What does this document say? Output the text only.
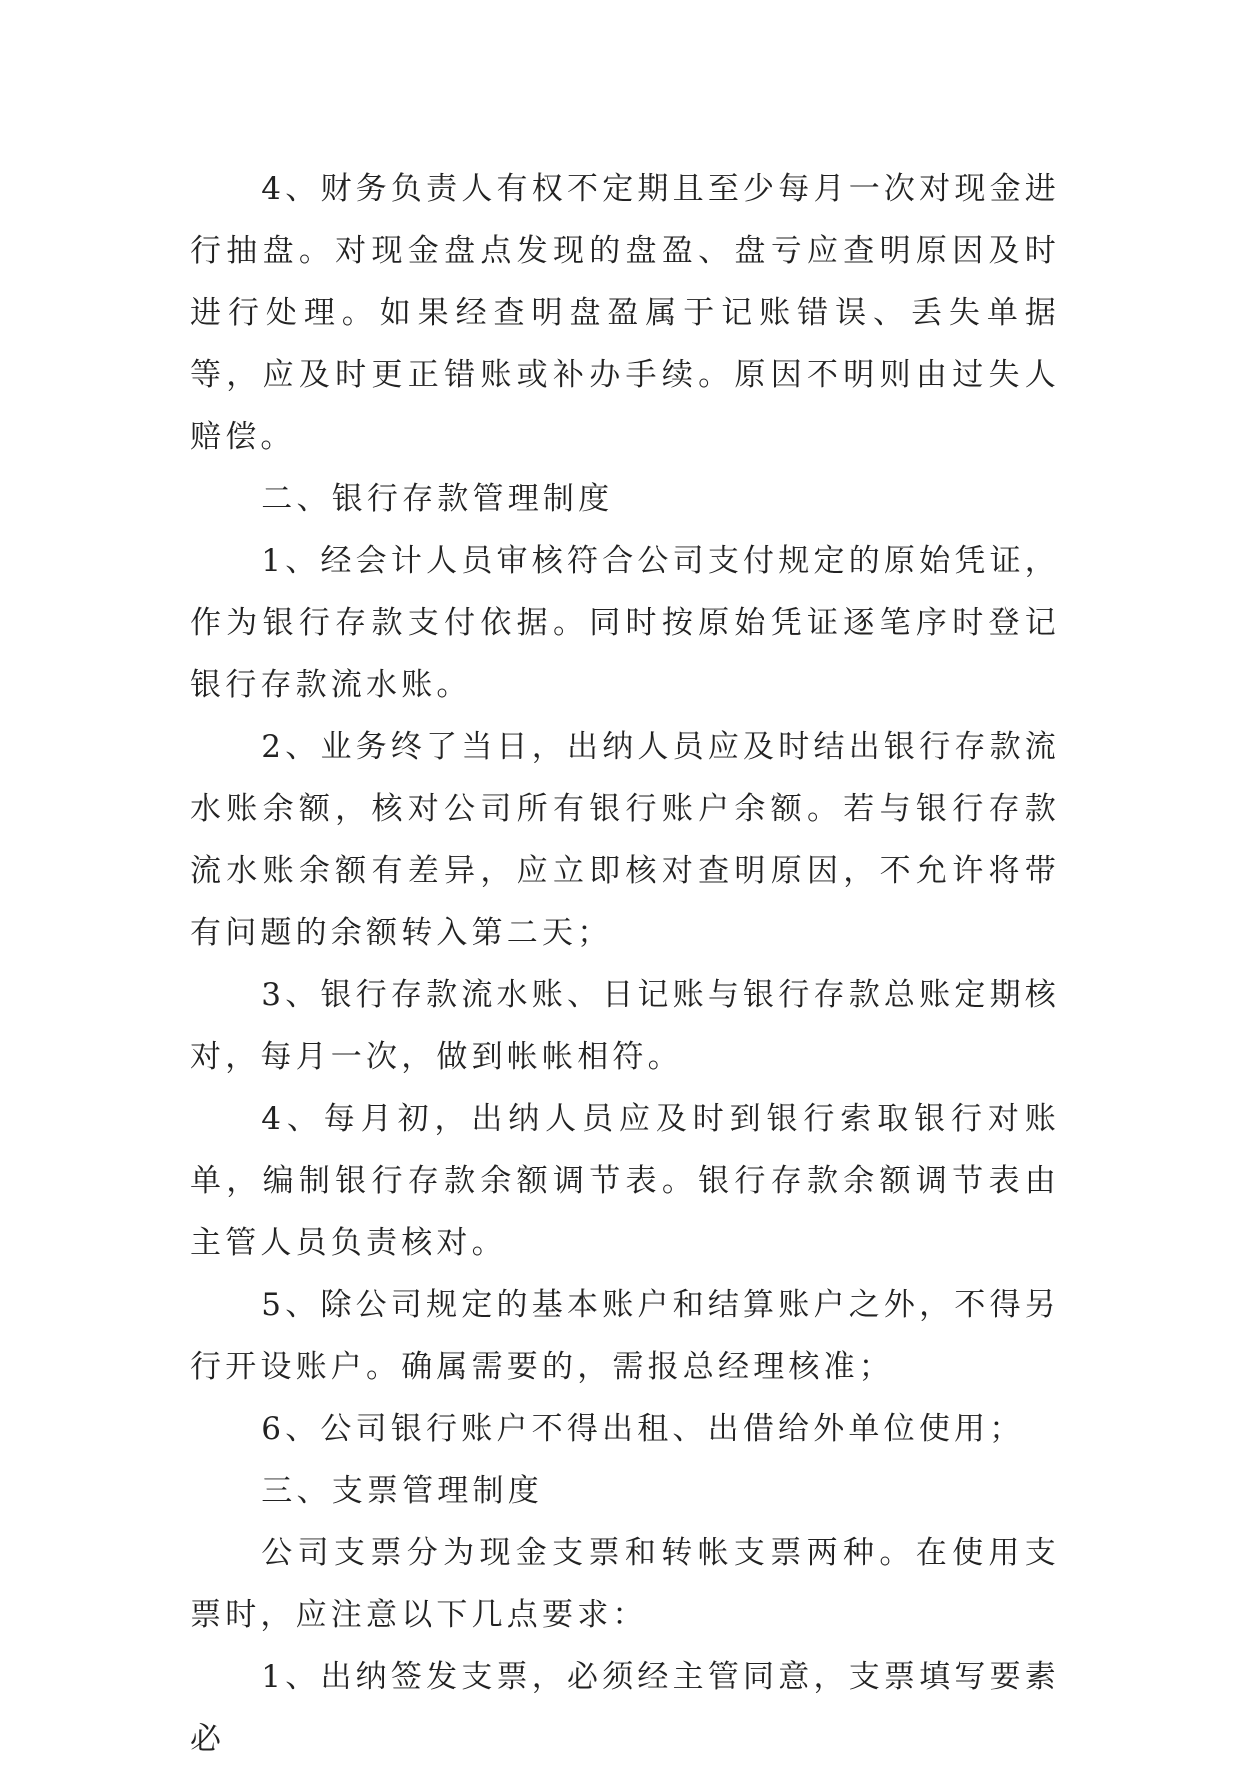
4、财务负责人有权不定期且至少每月一次对现金进行抽盘。对现金盘点发现的盘盈、盘亏应查明原因及时进行处理。如果经查明盘盈属于记账错误、丢失单据等，应及时更正错账或补办手续。原因不明则由过失人赔偿。

二、银行存款管理制度

1、经会计人员审核符合公司支付规定的原始凭证，作为银行存款支付依据。同时按原始凭证逐笔序时登记银行存款流水账。

2、业务终了当日，出纳人员应及时结出银行存款流水账余额，核对公司所有银行账户余额。若与银行存款流水账余额有差异，应立即核对查明原因，不允许将带有问题的余额转入第二天；

3、银行存款流水账、日记账与银行存款总账定期核对，每月一次，做到帐帐相符。

4、每月初，出纳人员应及时到银行索取银行对账单，编制银行存款余额调节表。银行存款余额调节表由主管人员负责核对。

5、除公司规定的基本账户和结算账户之外，不得另行开设账户。确属需要的，需报总经理核准；

6、公司银行账户不得出租、出借给外单位使用；

三、支票管理制度

公司支票分为现金支票和转帐支票两种。在使用支票时，应注意以下几点要求：

1、出纳签发支票，必须经主管同意，支票填写要素必
